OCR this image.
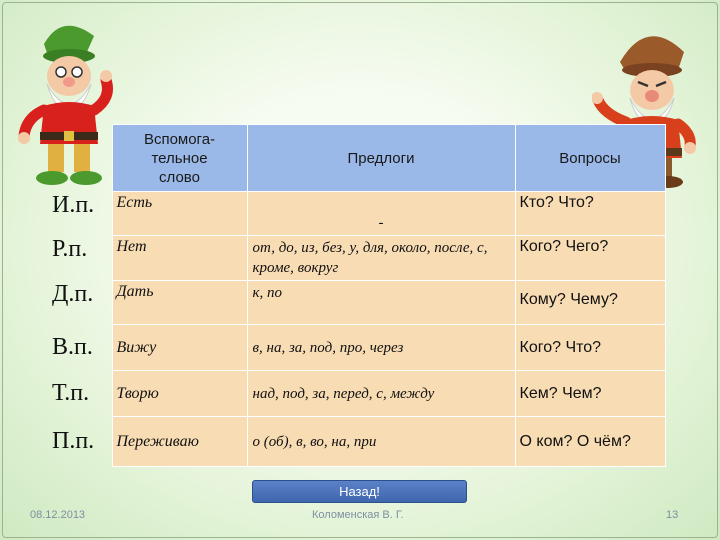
	Вспомога-
тельное
слово	Предлоги	Вопросы
И.п.	Есть	-	Кто? Что?
Р.п.	Нет	от, до, из, без, у, для, около, после, с, кроме, вокруг	Кого? Чего?
Д.п.	Дать	к, по	Кому? Чему?
В.п.	Вижу	в, на, за, под, про, через	Кого? Что?
Т.п.	Творю	над, под, за, перед, с, между	Кем? Чем?
П.п.	Переживаю	о (об), в, во, на, при	О ком? О чём?
Назад!
08.12.2013	Коломенская В. Г.	13
